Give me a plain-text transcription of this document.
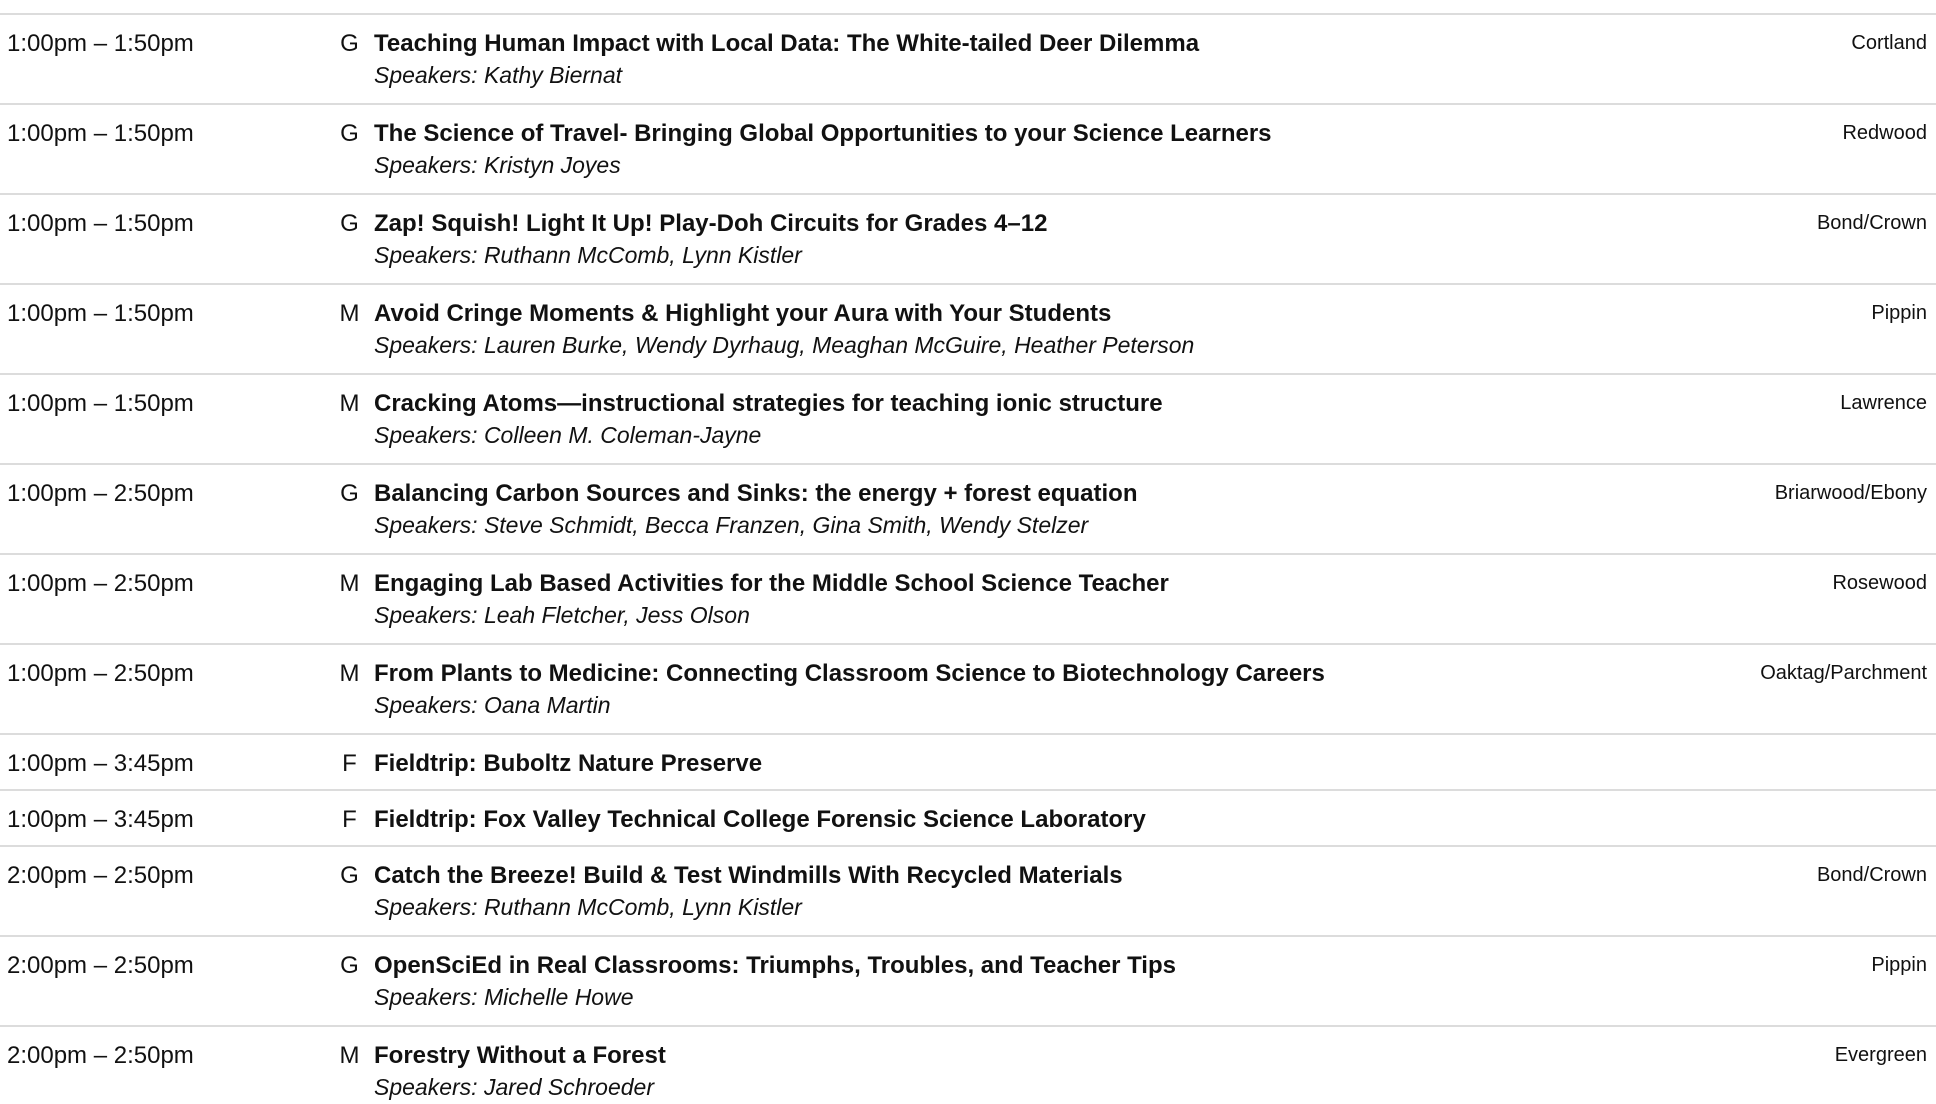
1:00pm – 1:50pm	G Teaching Human Impact with Local Data: The White-tailed Deer Dilemma
Speakers: Kathy Biernat
Cortland
1:00pm – 1:50pm	G The Science of Travel- Bringing Global Opportunities to your Science Learners
Speakers: Kristyn Joyes
Redwood
1:00pm – 1:50pm	G Zap! Squish! Light It Up! Play-Doh Circuits for Grades 4–12
Speakers: Ruthann McComb, Lynn Kistler
Bond/Crown
1:00pm – 1:50pm	M Avoid Cringe Moments & Highlight your Aura with Your Students
Speakers: Lauren Burke, Wendy Dyrhaug, Meaghan McGuire, Heather Peterson
Pippin
1:00pm – 1:50pm	M Cracking Atoms—instructional strategies for teaching ionic structure
Speakers: Colleen M. Coleman-Jayne
Lawrence
1:00pm – 2:50pm	G Balancing Carbon Sources and Sinks: the energy + forest equation
Speakers: Steve Schmidt, Becca Franzen, Gina Smith, Wendy Stelzer
Briarwood/Ebony
1:00pm – 2:50pm	M Engaging Lab Based Activities for the Middle School Science Teacher
Speakers: Leah Fletcher, Jess Olson
Rosewood
1:00pm – 2:50pm	M From Plants to Medicine: Connecting Classroom Science to Biotechnology Careers
Speakers: Oana Martin
Oaktag/Parchment
1:00pm – 3:45pm	F Fieldtrip: Buboltz Nature Preserve
1:00pm – 3:45pm	F Fieldtrip: Fox Valley Technical College Forensic Science Laboratory
2:00pm – 2:50pm	G Catch the Breeze! Build & Test Windmills With Recycled Materials
Speakers: Ruthann McComb, Lynn Kistler
Bond/Crown
2:00pm – 2:50pm	G OpenSciEd in Real Classrooms: Triumphs, Troubles, and Teacher Tips
Speakers: Michelle Howe
Pippin
2:00pm – 2:50pm	M Forestry Without a Forest
Speakers: Jared Schroeder
Evergreen
